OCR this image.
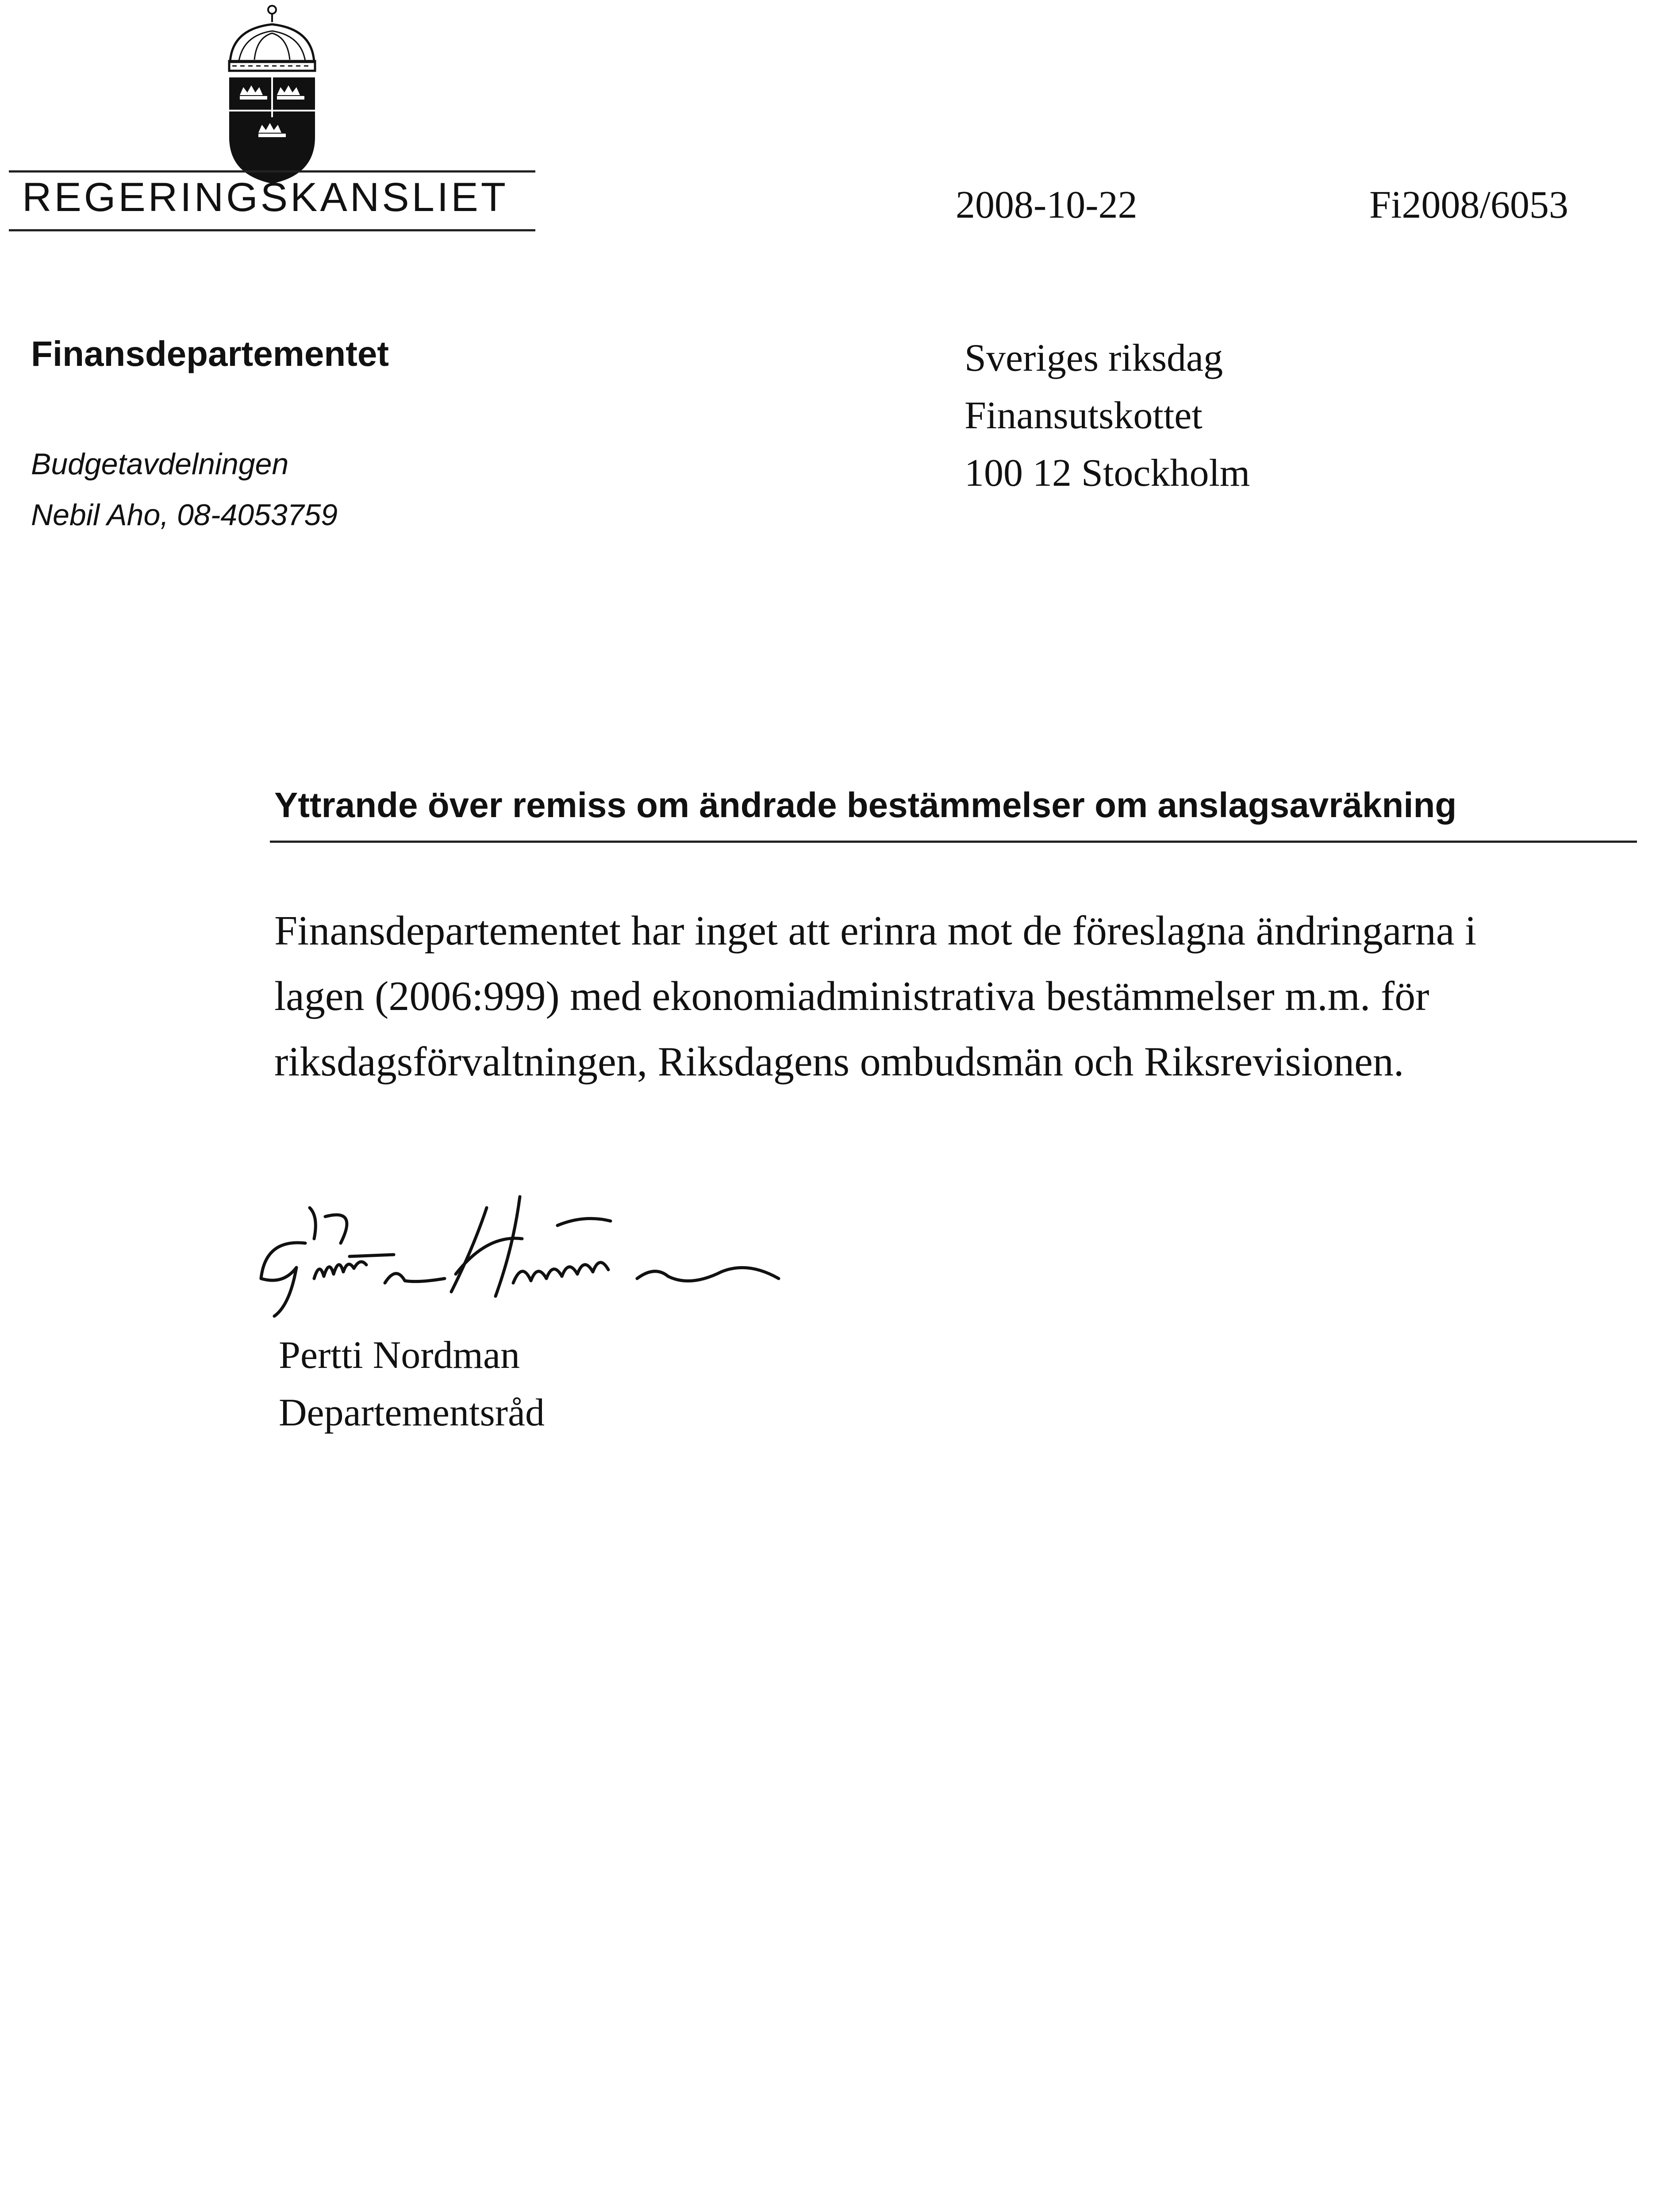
REGERINGSKANSLIET	2008-10-22	Fi2008/6053
Finansdepartementet
Budgetavdelningen
Nebil Aho, 08-4053759
Sveriges riksdag
Finansutskottet
100 12 Stockholm
Yttrande över remiss om ändrade bestämmelser om anslagsavräkning
Finansdepartementet har inget att erinra mot de föreslagna ändringarna i
lagen (2006:999) med ekonomiadministrativa bestämmelser m.m. för
riksdagsförvaltningen, Riksdagens ombudsmän och Riksrevisionen.
Pertti Nordman
Departementsråd
